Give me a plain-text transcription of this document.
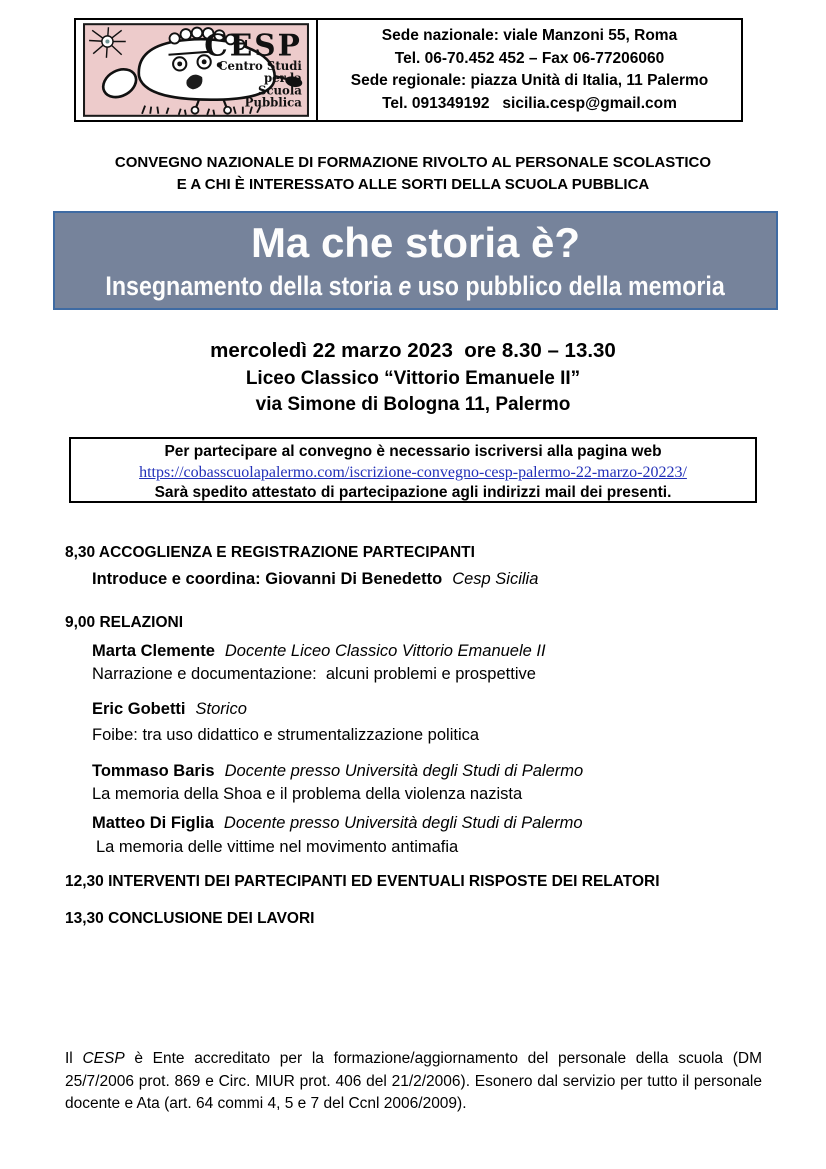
CESP
Centro Studi
per la
Scuola
Pubblica
Sede nazionale: viale Manzoni 55, Roma
Tel. 06-70.452 452 – Fax 06-77206060
Sede regionale: piazza Unità di Italia, 11 Palermo
Tel. 091349192   sicilia.cesp@gmail.com
CONVEGNO NAZIONALE DI FORMAZIONE RIVOLTO AL PERSONALE SCOLASTICO
E A CHI È INTERESSATO ALLE SORTI DELLA SCUOLA PUBBLICA
Ma che storia è?
Insegnamento della storia e uso pubblico della memoria
mercoledì 22 marzo 2023  ore 8.30 – 13.30
Liceo Classico “Vittorio Emanuele II”
via Simone di Bologna 11, Palermo
Per partecipare al convegno è necessario iscriversi alla pagina web
https://cobasscuolapalermo.com/iscrizione-convegno-cesp-palermo-22-marzo-20223/
Sarà spedito attestato di partecipazione agli indirizzi mail dei presenti.
8,30 ACCOGLIENZA E REGISTRAZIONE PARTECIPANTI
Introduce e coordina: Giovanni Di Benedetto Cesp Sicilia
9,00 RELAZIONI
Marta Clemente Docente Liceo Classico Vittorio Emanuele II
Narrazione e documentazione:  alcuni problemi e prospettive
Eric Gobetti Storico
Foibe: tra uso didattico e strumentalizzazione politica
Tommaso Baris Docente presso Università degli Studi di Palermo
La memoria della Shoa e il problema della violenza nazista
Matteo Di Figlia Docente presso Università degli Studi di Palermo
La memoria delle vittime nel movimento antimafia
12,30 INTERVENTI DEI PARTECIPANTI ED EVENTUALI RISPOSTE DEI RELATORI
13,30 CONCLUSIONE DEI LAVORI
Il CESP è Ente accreditato per la formazione/aggiornamento del personale della scuola (DM 25/7/2006 prot. 869 e Circ. MIUR prot. 406 del 21/2/2006). Esonero dal servizio per tutto il personale docente e Ata (art. 64 commi 4, 5 e 7 del Ccnl 2006/2009).
